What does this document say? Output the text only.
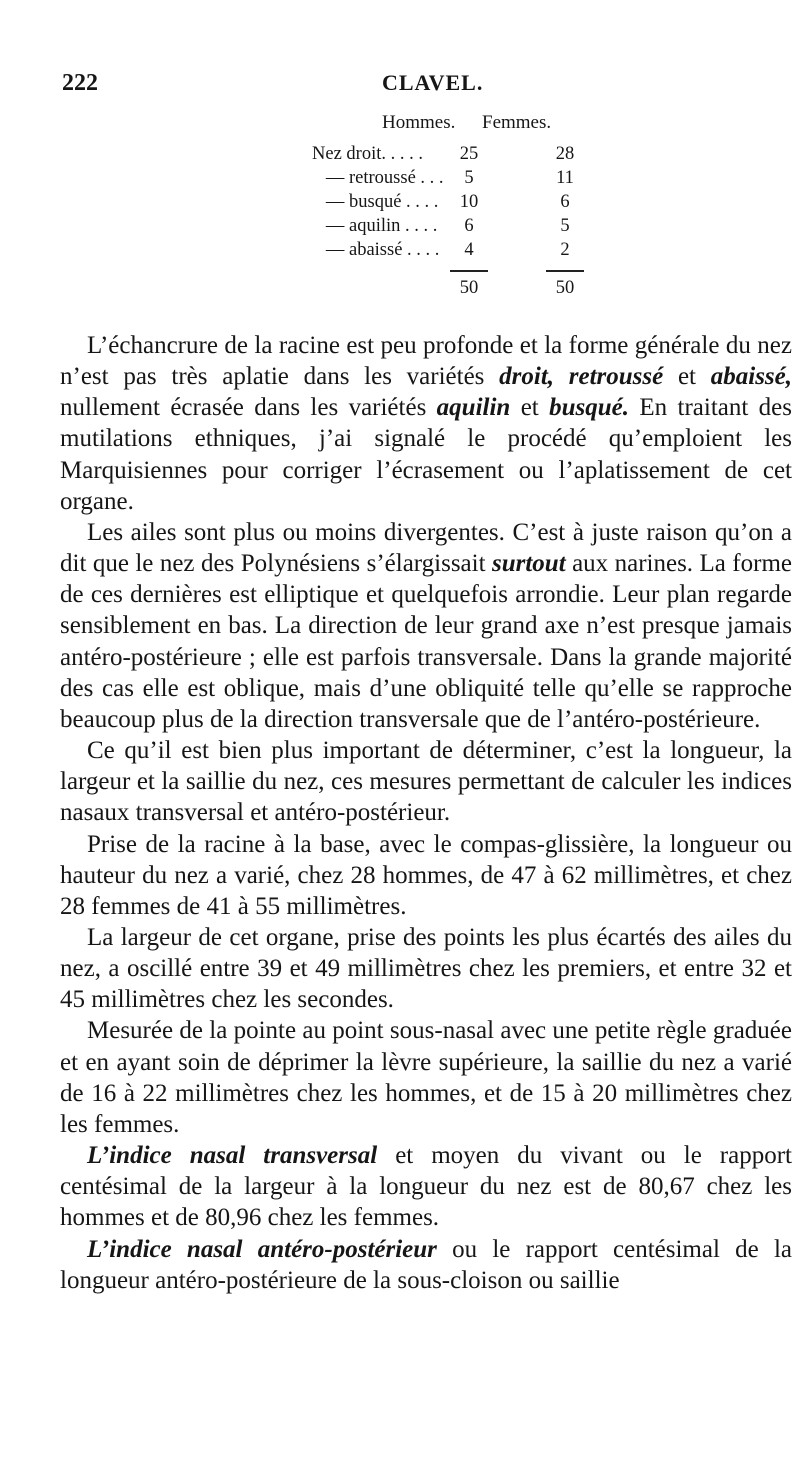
222	CLAVEL.
Hommes. Femmes.
Nez droit. . . . .	25	28
— retroussé . . .	5	11
— busqué . . . .	10	6
— aquilin . . . .	6	5
— abaissé . . . .	4	2
50	50

L’échancrure de la racine est peu profonde et la forme générale du nez n’est pas très aplatie dans les variétés droit, retroussé et abaissé, nullement écrasée dans les variétés aquilin et busqué. En traitant des mutilations ethniques, j’ai signalé le procédé qu’emploient les Marquisiennes pour corriger l’écrasement ou l’aplatissement de cet organe.

Les ailes sont plus ou moins divergentes. C’est à juste raison qu’on a dit que le nez des Polynésiens s’élargissait surtout aux narines. La forme de ces dernières est elliptique et quelquefois arrondie. Leur plan regarde sensiblement en bas. La direction de leur grand axe n’est presque jamais antéro-postérieure ; elle est parfois transversale. Dans la grande majorité des cas elle est oblique, mais d’une obliquité telle qu’elle se rapproche beaucoup plus de la direction transversale que de l’antéro-postérieure.

Ce qu’il est bien plus important de déterminer, c’est la longueur, la largeur et la saillie du nez, ces mesures permettant de calculer les indices nasaux transversal et antéro-postérieur.

Prise de la racine à la base, avec le compas-glissière, la longueur ou hauteur du nez a varié, chez 28 hommes, de 47 à 62 millimètres, et chez 28 femmes de 41 à 55 millimètres.

La largeur de cet organe, prise des points les plus écartés des ailes du nez, a oscillé entre 39 et 49 millimètres chez les premiers, et entre 32 et 45 millimètres chez les secondes.

Mesurée de la pointe au point sous-nasal avec une petite règle graduée et en ayant soin de déprimer la lèvre supérieure, la saillie du nez a varié de 16 à 22 millimètres chez les hommes, et de 15 à 20 millimètres chez les femmes.

L’indice nasal transversal et moyen du vivant ou le rapport centésimal de la largeur à la longueur du nez est de 80,67 chez les hommes et de 80,96 chez les femmes.

L’indice nasal antéro-postérieur ou le rapport centésimal de la longueur antéro-postérieure de la sous-cloison ou saillie
